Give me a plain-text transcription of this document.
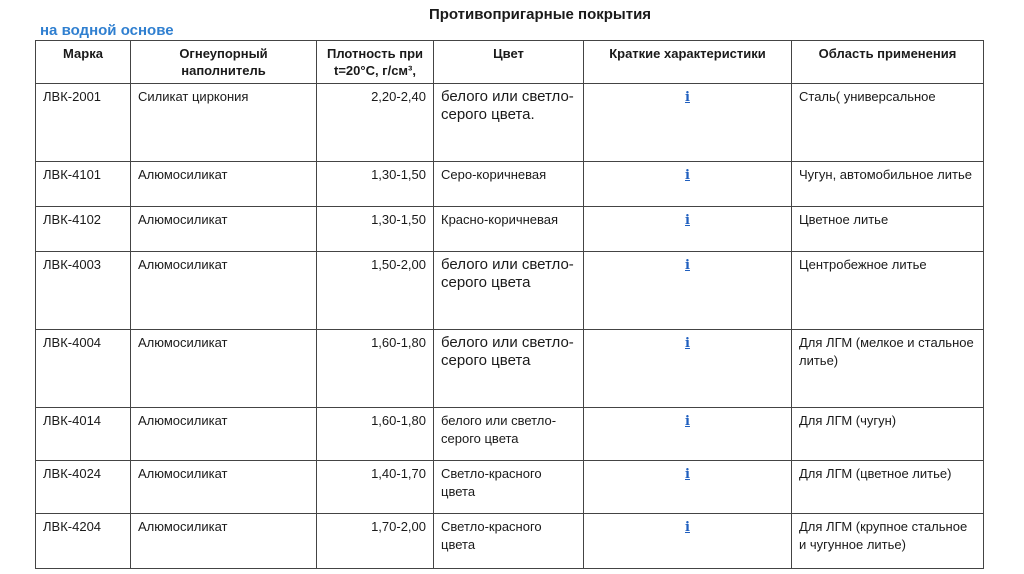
Противопригарные покрытия
на водной основе
Марка	Огнеупорный наполнитель	Плотность при t=20°C, г/см³,	Цвет	Краткие характеристики	Область применения
ЛВК-2001	Силикат циркония	2,20-2,40	белого или светло-серого цвета.	i	Сталь( универсальное
ЛВК-4101	Алюмосиликат	1,30-1,50	Серо-коричневая	i	Чугун, автомобильное литье
ЛВК-4102	Алюмосиликат	1,30-1,50	Красно-коричневая	i	Цветное литье
ЛВК-4003	Алюмосиликат	1,50-2,00	белого или светло-серого цвета	i	Центробежное литье
ЛВК-4004	Алюмосиликат	1,60-1,80	белого или светло-серого цвета	i	Для ЛГМ (мелкое и стальное литье)
ЛВК-4014	Алюмосиликат	1,60-1,80	белого или светло-серого цвета	i	Для ЛГМ (чугун)
ЛВК-4024	Алюмосиликат	1,40-1,70	Светло-красного цвета	i	Для ЛГМ (цветное литье)
ЛВК-4204	Алюмосиликат	1,70-2,00	Светло-красного цвета	i	Для ЛГМ (крупное стальное и чугунное литье)
